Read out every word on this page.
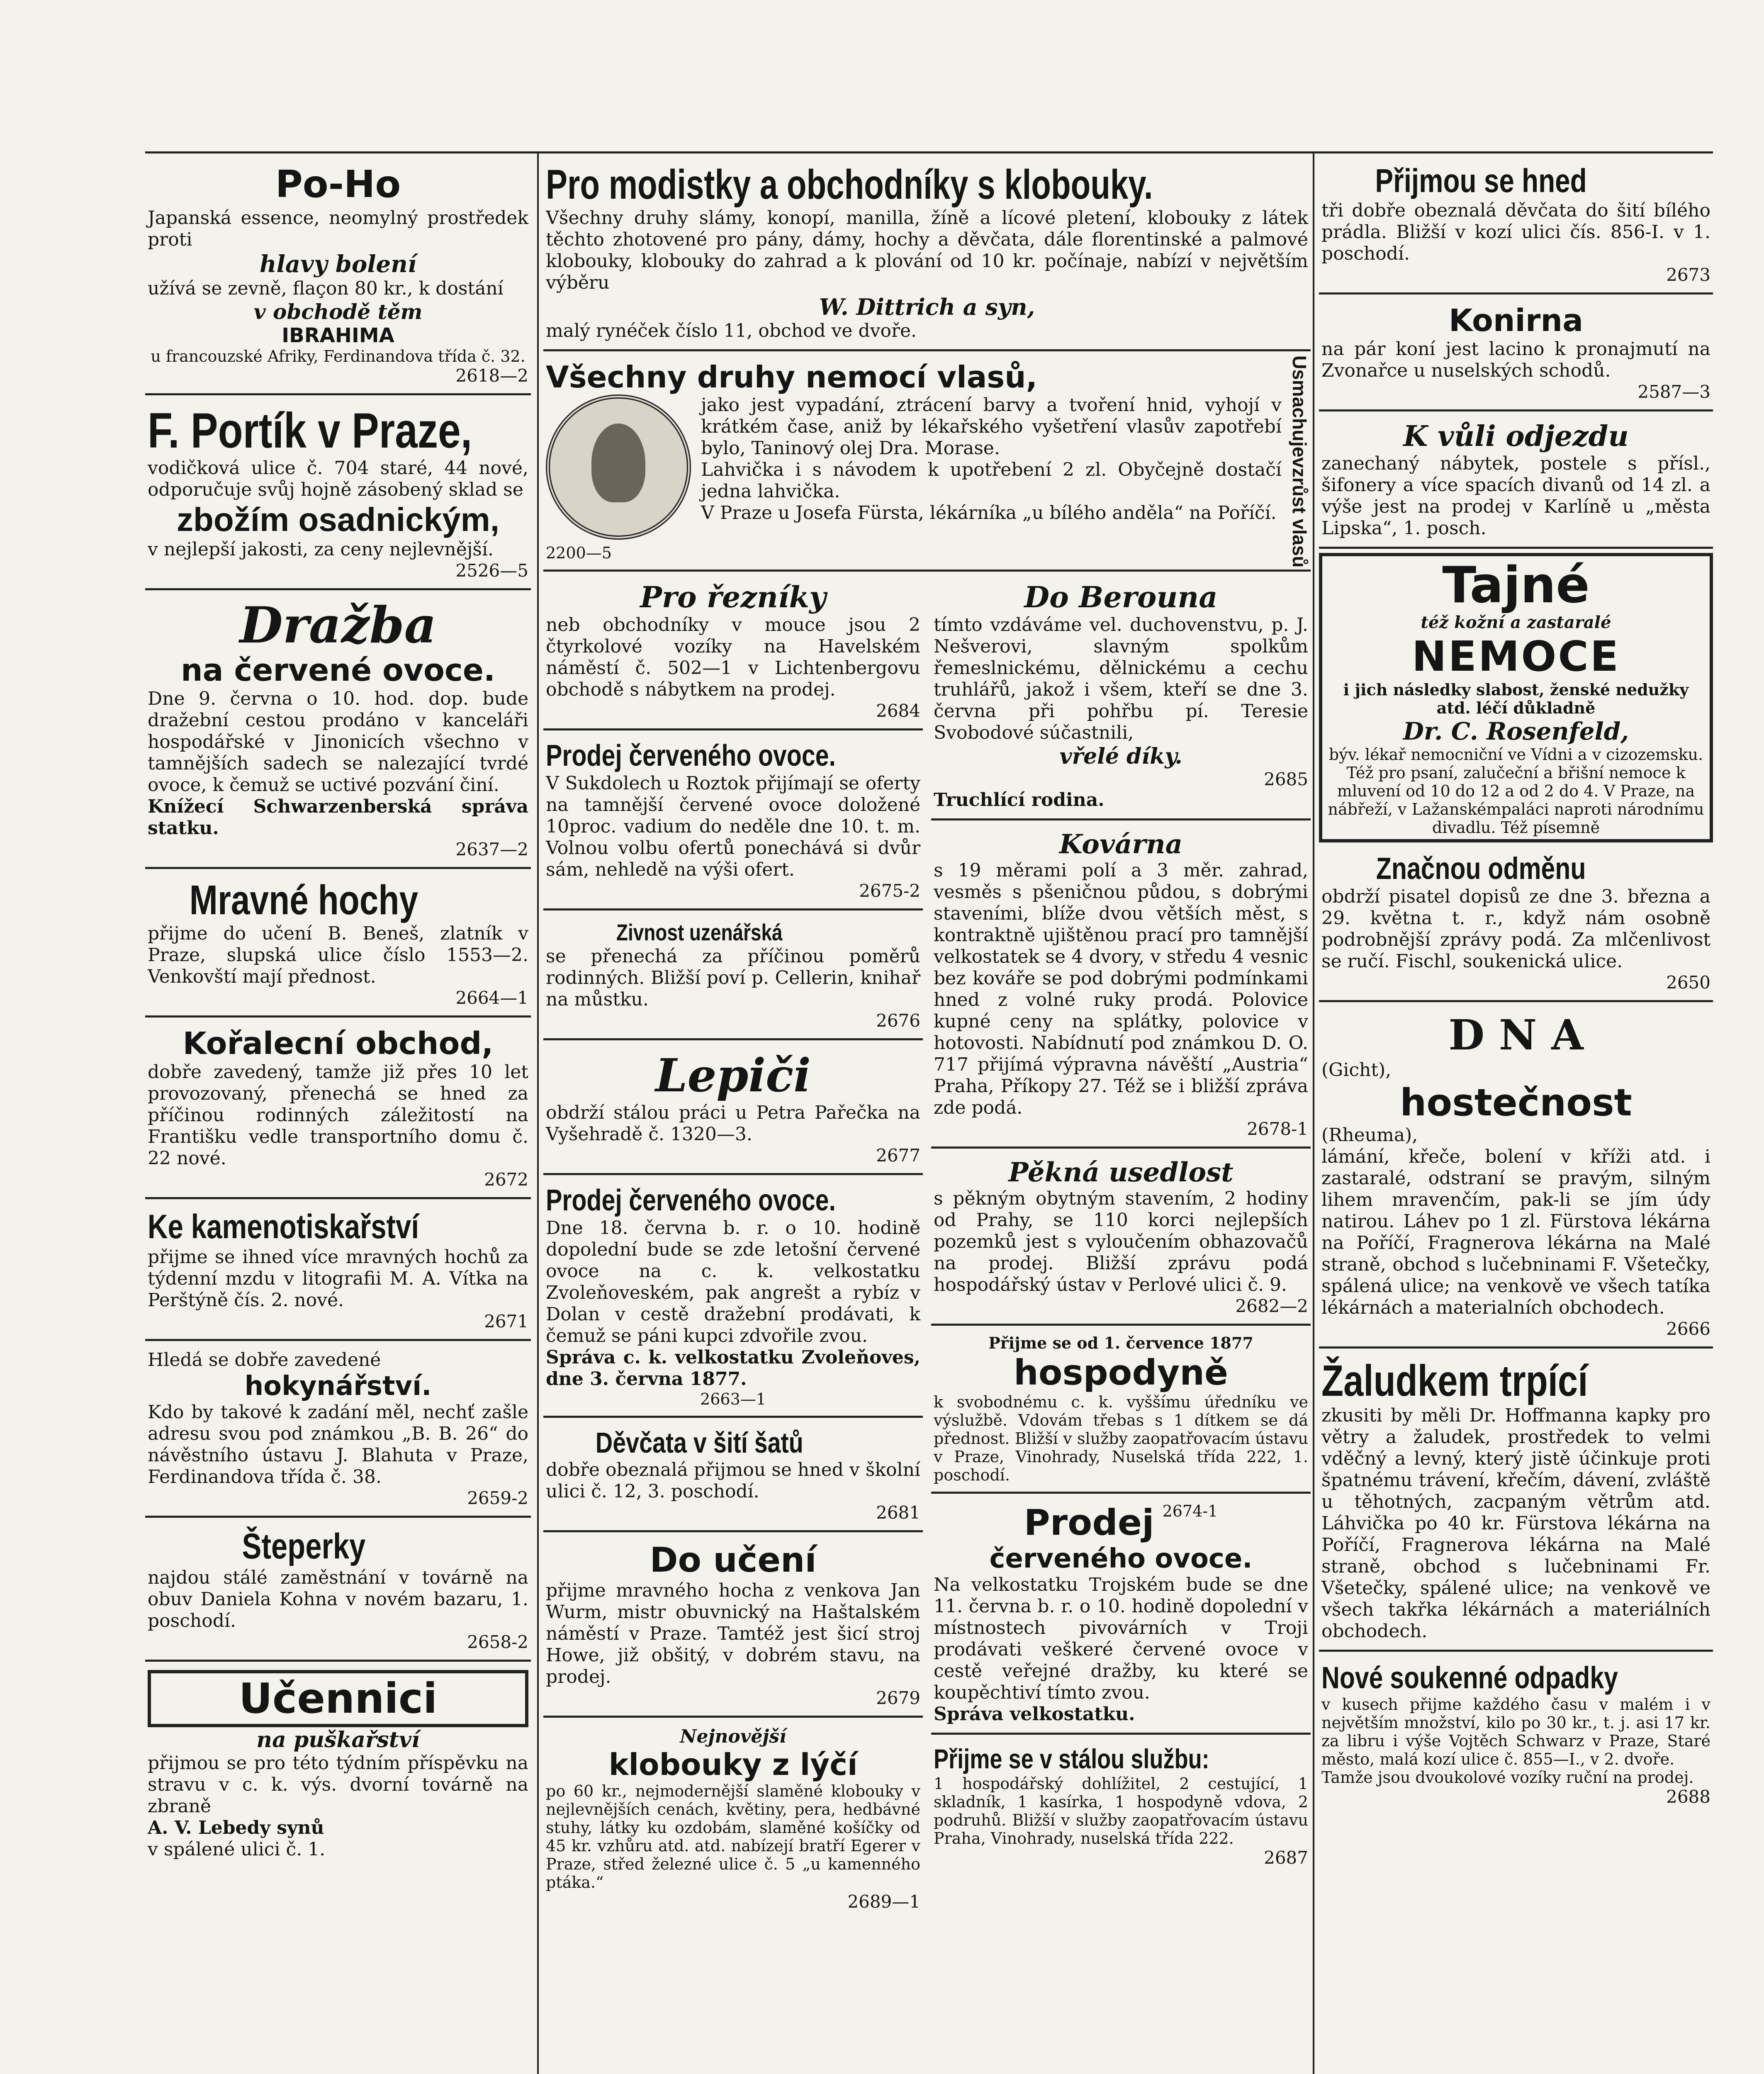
Po-Ho
Japanská essence, neomylný prostředek proti
hlavy bolení
užívá se zevně, flaçon 80 kr., k dostání
v obchodě těm
IBRAHIMA
u francouzské Afriky, Ferdinandova třída č. 32.
2618—2
F. Portík v Praze,
vodičková ulice č. 704 staré, 44 nové, odporučuje svůj hojně zásobený sklad se
zbožím osadnickým,
v nejlepší jakosti, za ceny nejlevnější.
2526—5
Dražba
na červené ovoce.
Dne 9. června o 10. hod. dop. bude dražební cestou prodáno v kanceláři hospodářské v Jinonicích všechno v tamnějších sadech se nalezající tvrdé ovoce, k čemuž se uctivé pozvání činí.
Knížecí Schwarzenberská správa statku.
2637—2
Mravné hochy
přijme do učení B. Beneš, zlatník v Praze, slupská ulice číslo 1553—2. Venkovští mají přednost.
2664—1
Kořalecní obchod,
dobře zavedený, tamže již přes 10 let provozovaný, přenechá se hned za příčinou rodinných záležitostí na Františku vedle transportního domu č. 22 nové.
2672
Ke kamenotiskařství
přijme se ihned více mravných hochů za týdenní mzdu v litografii M. A. Vítka na Perštýně čís. 2. nové.
2671
Hledá se dobře zavedené
hokynářství.
Kdo by takové k zadání měl, nechť zašle adresu svou pod známkou „B. B. 26“ do návěstního ústavu J. Blahuta v Praze, Ferdinandova třída č. 38.
2659-2
Šteperky
najdou stálé zaměstnání v továrně na obuv Daniela Kohna v novém bazaru, 1. poschodí.
2658-2
Učennici
na puškařství
přijmou se pro této týdním příspěvku na stravu v c. k. výs. dvorní továrně na zbraně
A. V. Lebedy synů
v spálené ulici č. 1.
Pro modistky a obchodníky s klobouky.
Všechny druhy slámy, konopí, manilla, žíně a lícové pletení, klobouky z látek těchto zhotovené pro pány, dámy, hochy a děvčata, dále florentinské a palmové klobouky, klobouky do zahrad a k plování od 10 kr. počínaje, nabízí v největším výběru
W. Dittrich a syn,
malý rynéček číslo 11, obchod ve dvoře.
Všechny druhy nemocí vlasů,
jako jest vypadání, ztrácení barvy a tvoření hnid, vyhojí v krátkém čase, aniž by lékařského vyšetření vlasův zapotřebí bylo, Taninový olej Dra. Morase.
Lahvička i s návodem k upotřebení 2 zl. Obyčejně dostačí jedna lahvička.
V Praze u Josefa Fürsta, lékárníka „u bílého anděla“ na Poříčí.
2200—5	Usmachujevzrůst vlasů
Pro řezníky
neb obchodníky v mouce jsou 2 čtyrkolové vozíky na Havelském náměstí č. 502—1 v Lichtenbergovu obchodě s nábytkem na prodej.
2684
Prodej červeného ovoce.
V Sukdolech u Roztok přijímají se oferty na tamnější červené ovoce doložené 10proc. vadium do neděle dne 10. t. m. Volnou volbu ofertů ponechává si dvůr sám, nehledě na výši ofert.
2675-2
Zivnost uzenářská
se přenechá za příčinou poměrů rodinných. Bližší poví p. Cellerin, knihař na můstku.
2676
Lepiči
obdrží stálou práci u Petra Pařečka na Vyšehradě č. 1320—3.
2677
Prodej červeného ovoce.
Dne 18. června b. r. o 10. hodině dopolední bude se zde letošní červené ovoce na c. k. velkostatku Zvoleňoveském, pak angrešt a rybíz v Dolan v cestě dražební prodávati, k čemuž se páni kupci zdvořile zvou.
Správa c. k. velkostatku Zvoleňoves, dne 3. června 1877.
2663—1
Děvčata v šití šatů
dobře obeznalá přijmou se hned v školní ulici č. 12, 3. poschodí.
2681
Do učení
přijme mravného hocha z venkova Jan Wurm, mistr obuvnický na Haštalském náměstí v Praze. Tamtéž jest šicí stroj Howe, již obšitý, v dobrém stavu, na prodej.
2679
Nejnovější
klobouky z lýčí
po 60 kr., nejmodernější slaměné klobouky v nejlevnějších cenách, květiny, pera, hedbávné stuhy, látky ku ozdobám, slaměné košíčky od 45 kr. vzhůru atd. atd. nabízejí bratří Egerer v Praze, střed železné ulice č. 5 „u kamenného ptáka.“
2689—1
Do Berouna
tímto vzdáváme vel. duchovenstvu, p. J. Nešverovi, slavným spolkům řemeslnickému, dělnickému a cechu truhlářů, jakož i všem, kteří se dne 3. června při pohřbu pí. Teresie Svobodové súčastnili,
vřelé díky.
2685
Truchlící rodina.
Kovárna
s 19 měrami polí a 3 měr. zahrad, vesměs s pšeničnou půdou, s dobrými staveními, blíže dvou větších měst, s kontraktně ujištěnou prací pro tamnější velkostatek se 4 dvory, v středu 4 vesnic bez kováře se pod dobrými podmínkami hned z volné ruky prodá. Polovice kupné ceny na splátky, polovice v hotovosti. Nabídnutí pod známkou D. O. 717 přijímá výpravna návěští „Austria“ Praha, Příkopy 27. Též se i bližší zpráva zde podá.
2678-1
Pěkná usedlost
s pěkným obytným stavením, 2 hodiny od Prahy, se 110 korci nejlepších pozemků jest s vyloučením obhazovačů na prodej. Bližší zprávu podá hospodářský ústav v Perlové ulici č. 9.
2682—2
Přijme se od 1. července 1877
hospodyně
k svobodnému c. k. vyššímu úředníku ve výslužbě. Vdovám třebas s 1 dítkem se dá přednost. Bližší v služby zaopatřovacím ústavu v Praze, Vinohrady, Nuselská třída 222, 1. poschodí.
Prodej 2674-1
červeného ovoce.
Na velkostatku Trojském bude se dne 11. června b. r. o 10. hodině dopolední v místnostech pivovárních v Troji prodávati veškeré červené ovoce v cestě veřejné dražby, ku které se koupěchtiví tímto zvou.
Správa velkostatku.
Přijme se v stálou službu:
1 hospodářský dohlížitel, 2 cestující, 1 skladník, 1 kasírka, 1 hospodyně vdova, 2 podruhů. Bližší v služby zaopatřovacím ústavu Praha, Vinohrady, nuselská třída 222.
2687
Přijmou se hned
tři dobře obeznalá děvčata do šití bílého prádla. Bližší v kozí ulici čís. 856-I. v 1. poschodí.
2673
Konirna
na pár koní jest lacino k pronajmutí na Zvonařce u nuselských schodů.
2587—3
K vůli odjezdu
zanechaný nábytek, postele s přísl., šifonery a více spacích divanů od 14 zl. a výše jest na prodej v Karlíně u „města Lipska“, 1. posch.
Tajné
též kožní a zastaralé
NEMOCE
i jich následky slabost, ženské nedužky atd. léčí důkladně
Dr. C. Rosenfeld,
býv. lékař nemocniční ve Vídni a v cizozemsku. Též pro psaní, zalučeční a břišní nemoce k mluvení od 10 do 12 a od 2 do 4. V Praze, na nábřeží, v Lažanskémpaláci naproti národnímu divadlu. Též písemně
Značnou odměnu
obdrží pisatel dopisů ze dne 3. března a 29. května t. r., když nám osobně podrobnější zprávy podá. Za mlčenlivost se ručí. Fischl, soukenická ulice.
2650
D N A
(Gicht),
hostečnost
(Rheuma),
lámání, křeče, bolení v kříži atd. i zastaralé, odstraní se pravým, silným lihem mravenčím, pak-li se jím údy natirou. Láhev po 1 zl. Fürstova lékárna na Poříčí, Fragnerova lékárna na Malé straně, obchod s lučebninami F. Všetečky, spálená ulice; na venkově ve všech tatíka lékárnách a materialních obchodech.
2666
Žaludkem trpící
zkusiti by měli Dr. Hoffmanna kapky pro větry a žaludek, prostředek to velmi vděčný a levný, který jistě účinkuje proti špatnému trávení, křečím, dávení, zvláště u těhotných, zacpaným větrům atd. Láhvička po 40 kr. Fürstova lékárna na Poříčí, Fragnerova lékárna na Malé straně, obchod s lučebninami Fr. Všetečky, spálené ulice; na venkově ve všech takřka lékárnách a materiálních obchodech.
Nové soukenné odpadky
v kusech přijme každého času v malém i v největším množství, kilo po 30 kr., t. j. asi 17 kr. za libru i výše Vojtěch Schwarz v Praze, Staré město, malá kozí ulice č. 855—I., v 2. dvoře.
Tamže jsou dvoukolové vozíky ruční na prodej.
2688
